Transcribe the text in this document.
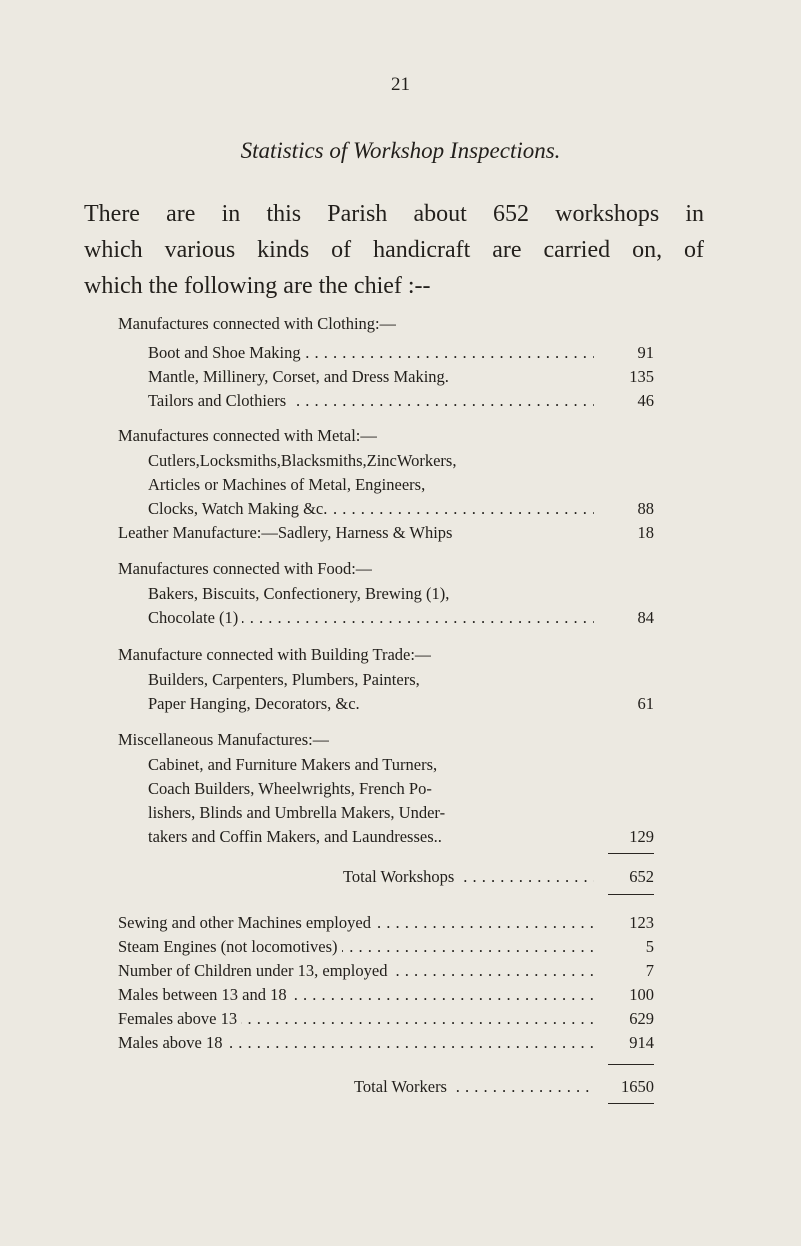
21
Statistics of Workshop Inspections.
There are in this Parish about 652 workshops in
which various kinds of handicraft are carried on, of
which the following are the chief :--
Manufactures connected with Clothing:—
Boot and Shoe Making . . .	91
Mantle, Millinery, Corset, and Dress Making.	135
Tailors and Clothiers . . .	46
Manufactures connected with Metal:—
Cutlers,Locksmiths,Blacksmiths,ZincWorkers,
Articles or Machines of Metal, Engineers,
Clocks, Watch Making &c. . . .	88
Leather Manufacture:—Sadlery, Harness & Whips	18
Manufactures connected with Food:—
Bakers, Biscuits, Confectionery, Brewing (1),
Chocolate (1) . . .	84
Manufacture connected with Building Trade:—
Builders, Carpenters, Plumbers, Painters,
Paper Hanging, Decorators, &c.	61
Miscellaneous Manufactures:—
Cabinet, and Furniture Makers and Turners,
Coach Builders, Wheelwrights, French Po-
lishers, Blinds and Umbrella Makers, Under-
takers and Coffin Makers, and Laundresses..	129
Total Workshops . . .	652
Sewing and other Machines employed . . .	123
Steam Engines (not locomotives) . . .	5
Number of Children under 13, employed . . .	7
Males between 13 and 18 . . .	100
Females above 13 . . .	629
Males above 18 . . .	914
Total Workers . . .	1650
